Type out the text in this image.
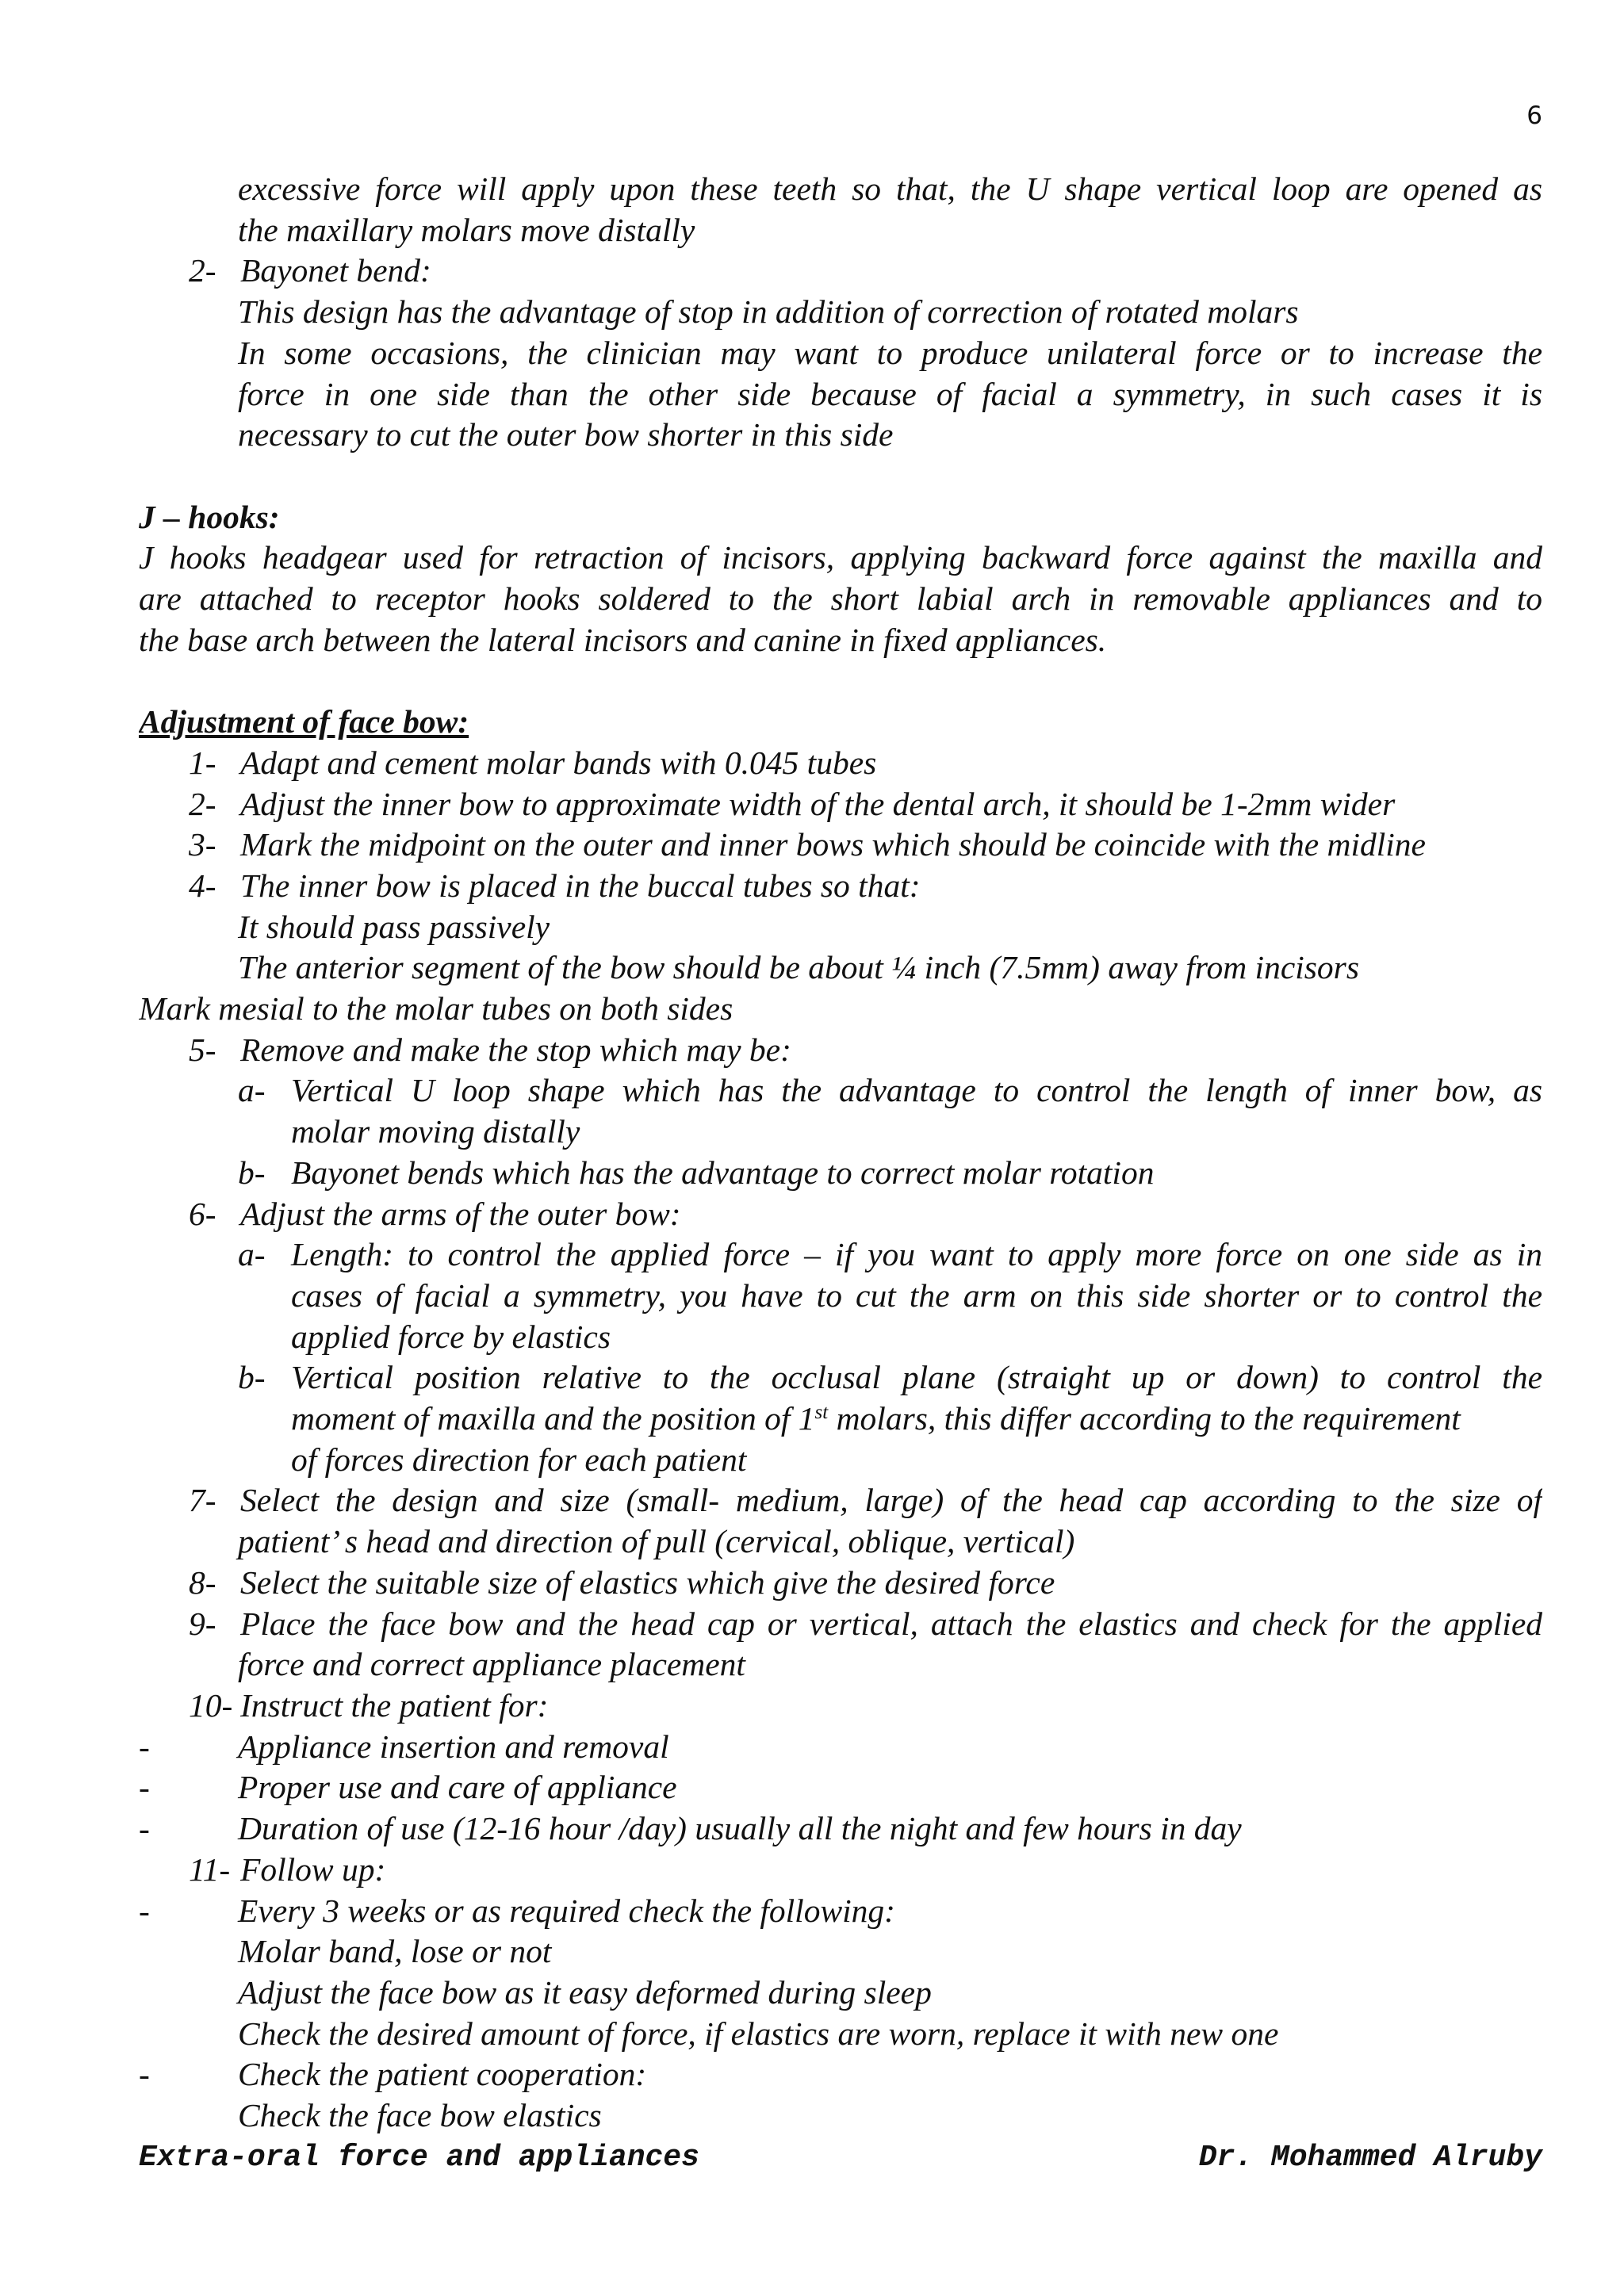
6
excessive force will apply upon these teeth so that, the U shape vertical loop are opened as
the maxillary molars move distally
2- Bayonet bend:
This design has the advantage of stop in addition of correction of rotated molars
In some occasions, the clinician may want to produce unilateral force or to increase the
force in one side than the other side because of facial a symmetry, in such cases it is
necessary to cut the outer bow shorter in this side
J – hooks:
J hooks headgear used for retraction of incisors, applying backward force against the maxilla and
are attached to receptor hooks soldered to the short labial arch in removable appliances and to
the base arch between the lateral incisors and canine in fixed appliances.
Adjustment of face bow:
1- Adapt and cement molar bands with 0.045 tubes
2- Adjust the inner bow to approximate width of the dental arch, it should be 1-2mm wider
3- Mark the midpoint on the outer and inner bows which should be coincide with the midline
4- The inner bow is placed in the buccal tubes so that:
It should pass passively
The anterior segment of the bow should be about ¼ inch (7.5mm) away from incisors
Mark mesial to the molar tubes on both sides
5- Remove and make the stop which may be:
a- Vertical U loop shape which has the advantage to control the length of inner bow, as
molar moving distally
b- Bayonet bends which has the advantage to correct molar rotation
6- Adjust the arms of the outer bow:
a- Length: to control the applied force – if you want to apply more force on one side as in
cases of facial a symmetry, you have to cut the arm on this side shorter or to control the
applied force by elastics
b- Vertical position relative to the occlusal plane (straight up or down) to control the
moment of maxilla and the position of 1st molars, this differ according to the requirement
of forces direction for each patient
7- Select the design and size (small- medium, large) of the head cap according to the size of
patient’ s head and direction of pull (cervical, oblique, vertical)
8- Select the suitable size of elastics which give the desired force
9- Place the face bow and the head cap or vertical, attach the elastics and check for the applied
force and correct appliance placement
10- Instruct the patient for:
-	Appliance insertion and removal
-	Proper use and care of appliance
-	Duration of use (12-16 hour /day) usually all the night and few hours in day
11- Follow up:
-	Every 3 weeks or as required check the following:
Molar band, lose or not
Adjust the face bow as it easy deformed during sleep
Check the desired amount of force, if elastics are worn, replace it with new one
-	Check the patient cooperation:
Check the face bow elastics
Extra-oral force and appliances	Dr. Mohammed Alruby
